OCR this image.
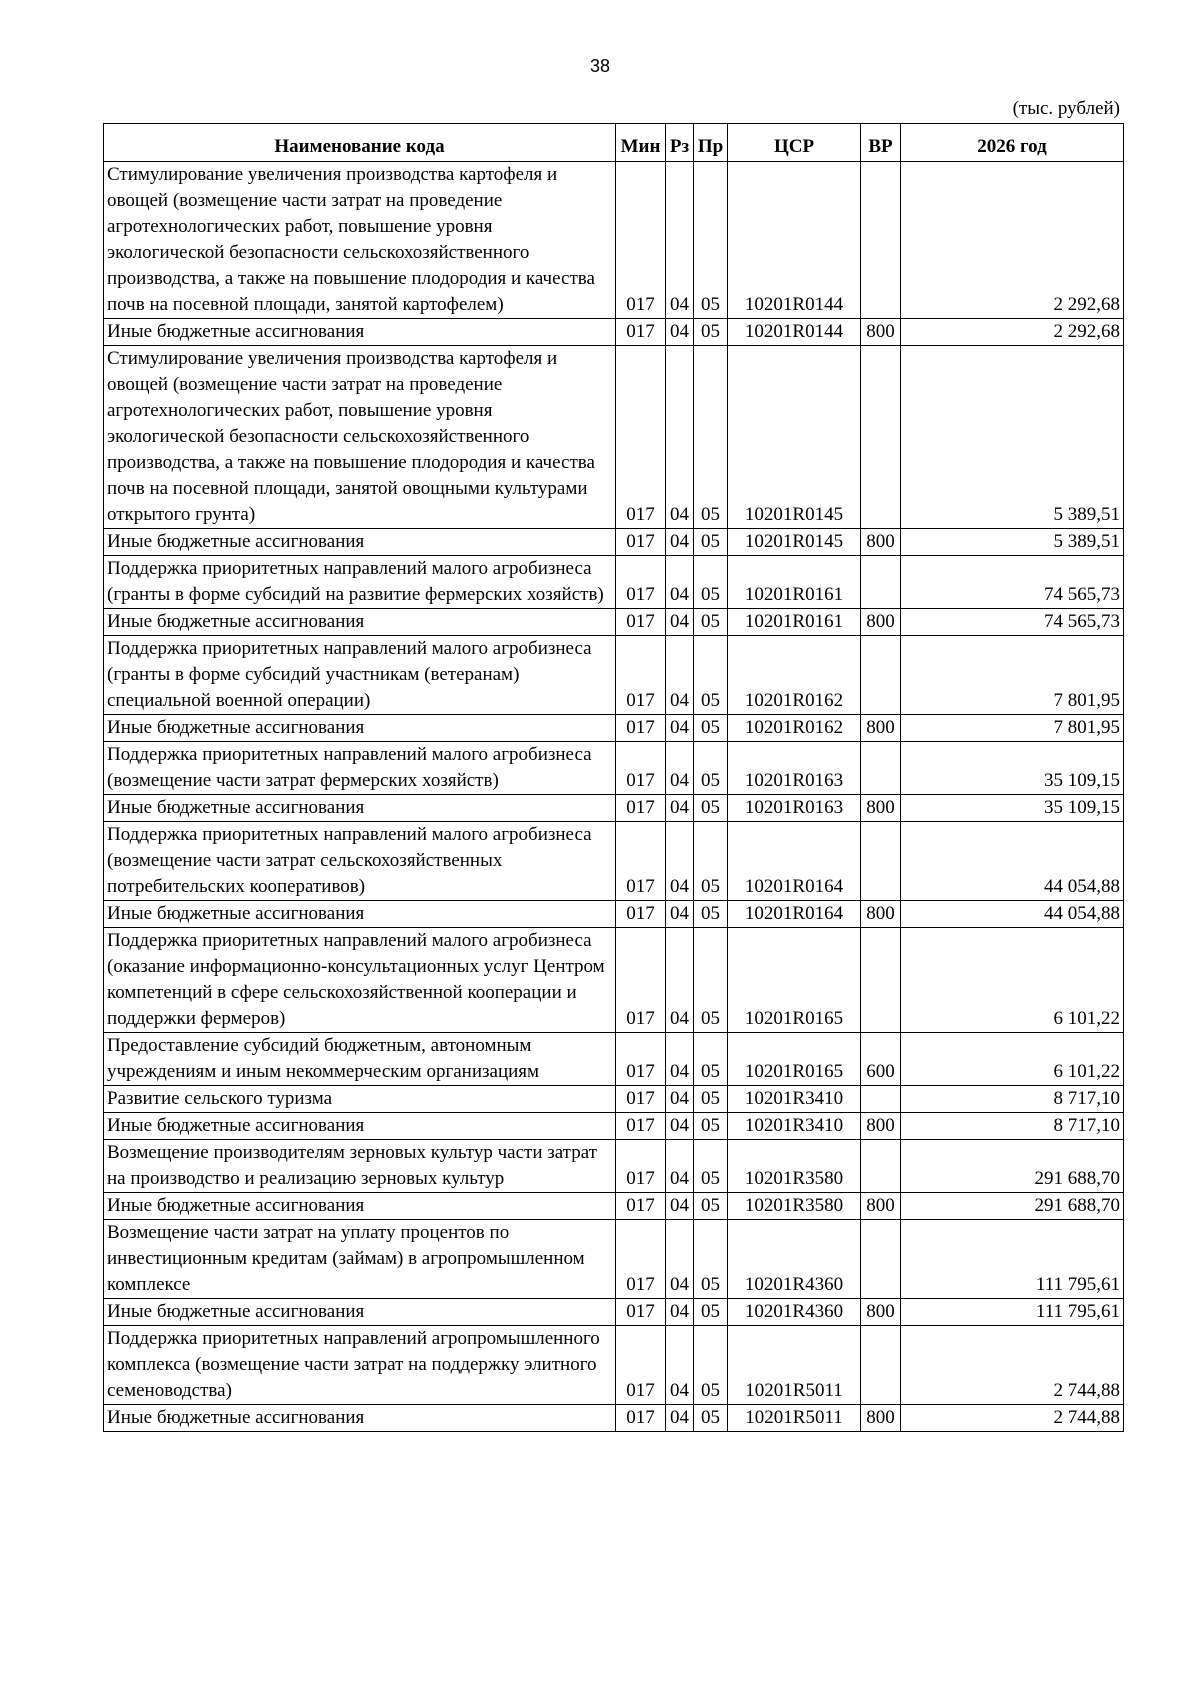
38
(тыс. рублей)
Наименование кода	Мин	Рз	Пр	ЦСР	ВР	2026 год
Стимулирование увеличения производства картофеля и овощей (возмещение части затрат на проведение агротехнологических работ, повышение уровня экологической безопасности сельскохозяйственного производства, а также на повышение плодородия и качества почв на посевной площади, занятой картофелем)	017	04	05	10201R0144		2 292,68
Иные бюджетные ассигнования	017	04	05	10201R0144	800	2 292,68
Стимулирование увеличения производства картофеля и овощей (возмещение части затрат на проведение агротехнологических работ, повышение уровня экологической безопасности сельскохозяйственного производства, а также на повышение плодородия и качества почв на посевной площади, занятой овощными культурами открытого грунта)	017	04	05	10201R0145		5 389,51
Иные бюджетные ассигнования	017	04	05	10201R0145	800	5 389,51
Поддержка приоритетных направлений малого агробизнеса (гранты в форме субсидий на развитие фермерских хозяйств)	017	04	05	10201R0161		74 565,73
Иные бюджетные ассигнования	017	04	05	10201R0161	800	74 565,73
Поддержка приоритетных направлений малого агробизнеса (гранты в форме субсидий участникам (ветеранам) специальной военной операции)	017	04	05	10201R0162		7 801,95
Иные бюджетные ассигнования	017	04	05	10201R0162	800	7 801,95
Поддержка приоритетных направлений малого агробизнеса (возмещение части затрат фермерских хозяйств)	017	04	05	10201R0163		35 109,15
Иные бюджетные ассигнования	017	04	05	10201R0163	800	35 109,15
Поддержка приоритетных направлений малого агробизнеса (возмещение части затрат сельскохозяйственных потребительских кооперативов)	017	04	05	10201R0164		44 054,88
Иные бюджетные ассигнования	017	04	05	10201R0164	800	44 054,88
Поддержка приоритетных направлений малого агробизнеса (оказание информационно-консультационных услуг Центром компетенций в сфере сельскохозяйственной кооперации и поддержки фермеров)	017	04	05	10201R0165		6 101,22
Предоставление субсидий бюджетным, автономным учреждениям и иным некоммерческим организациям	017	04	05	10201R0165	600	6 101,22
Развитие сельского туризма	017	04	05	10201R3410		8 717,10
Иные бюджетные ассигнования	017	04	05	10201R3410	800	8 717,10
Возмещение производителям зерновых культур части затрат на производство и реализацию зерновых культур	017	04	05	10201R3580		291 688,70
Иные бюджетные ассигнования	017	04	05	10201R3580	800	291 688,70
Возмещение части затрат на уплату процентов по инвестиционным кредитам (займам) в агропромышленном комплексе	017	04	05	10201R4360		111 795,61
Иные бюджетные ассигнования	017	04	05	10201R4360	800	111 795,61
Поддержка приоритетных направлений агропромышленного комплекса (возмещение части затрат на поддержку элитного семеноводства)	017	04	05	10201R5011		2 744,88
Иные бюджетные ассигнования	017	04	05	10201R5011	800	2 744,88
